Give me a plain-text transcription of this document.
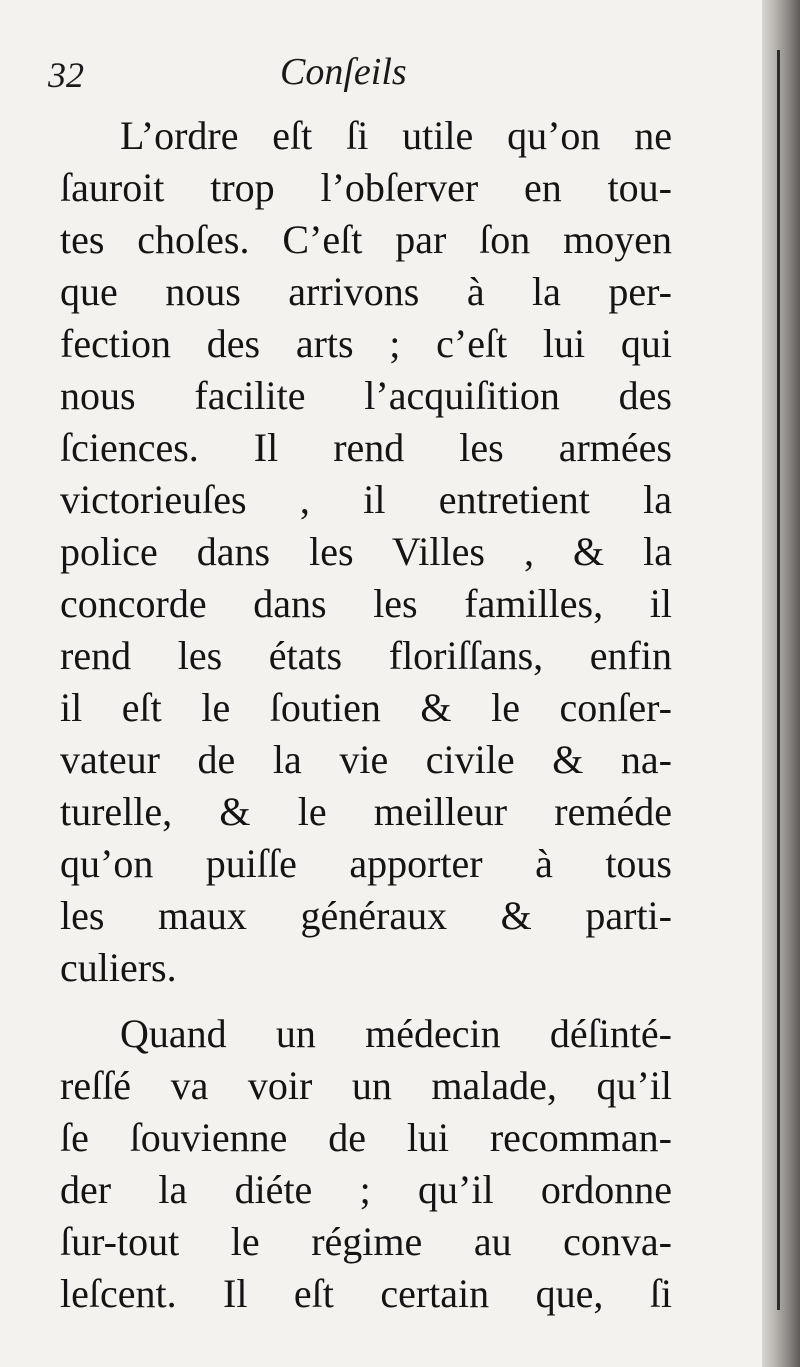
32	Conſeils
L’ordre eſt ſi utile qu’on ne
ſauroit trop l’obſerver en tou-
tes choſes. C’eſt par ſon moyen
que nous arrivons à la per-
fection des arts ; c’eſt lui qui
nous facilite l’acquiſition des
ſciences. Il rend les armées
victorieuſes , il entretient la
police dans les Villes , & la
concorde dans les familles, il
rend les états floriſſans, enfin
il eſt le ſoutien & le conſer-
vateur de la vie civile & na-
turelle, & le meilleur reméde
qu’on puiſſe apporter à tous
les maux généraux & parti-
culiers.
Quand un médecin déſinté-
reſſé va voir un malade, qu’il
ſe ſouvienne de lui recomman-
der la diéte ; qu’il ordonne
ſur-tout le régime au conva-
leſcent. Il eſt certain que, ſi
